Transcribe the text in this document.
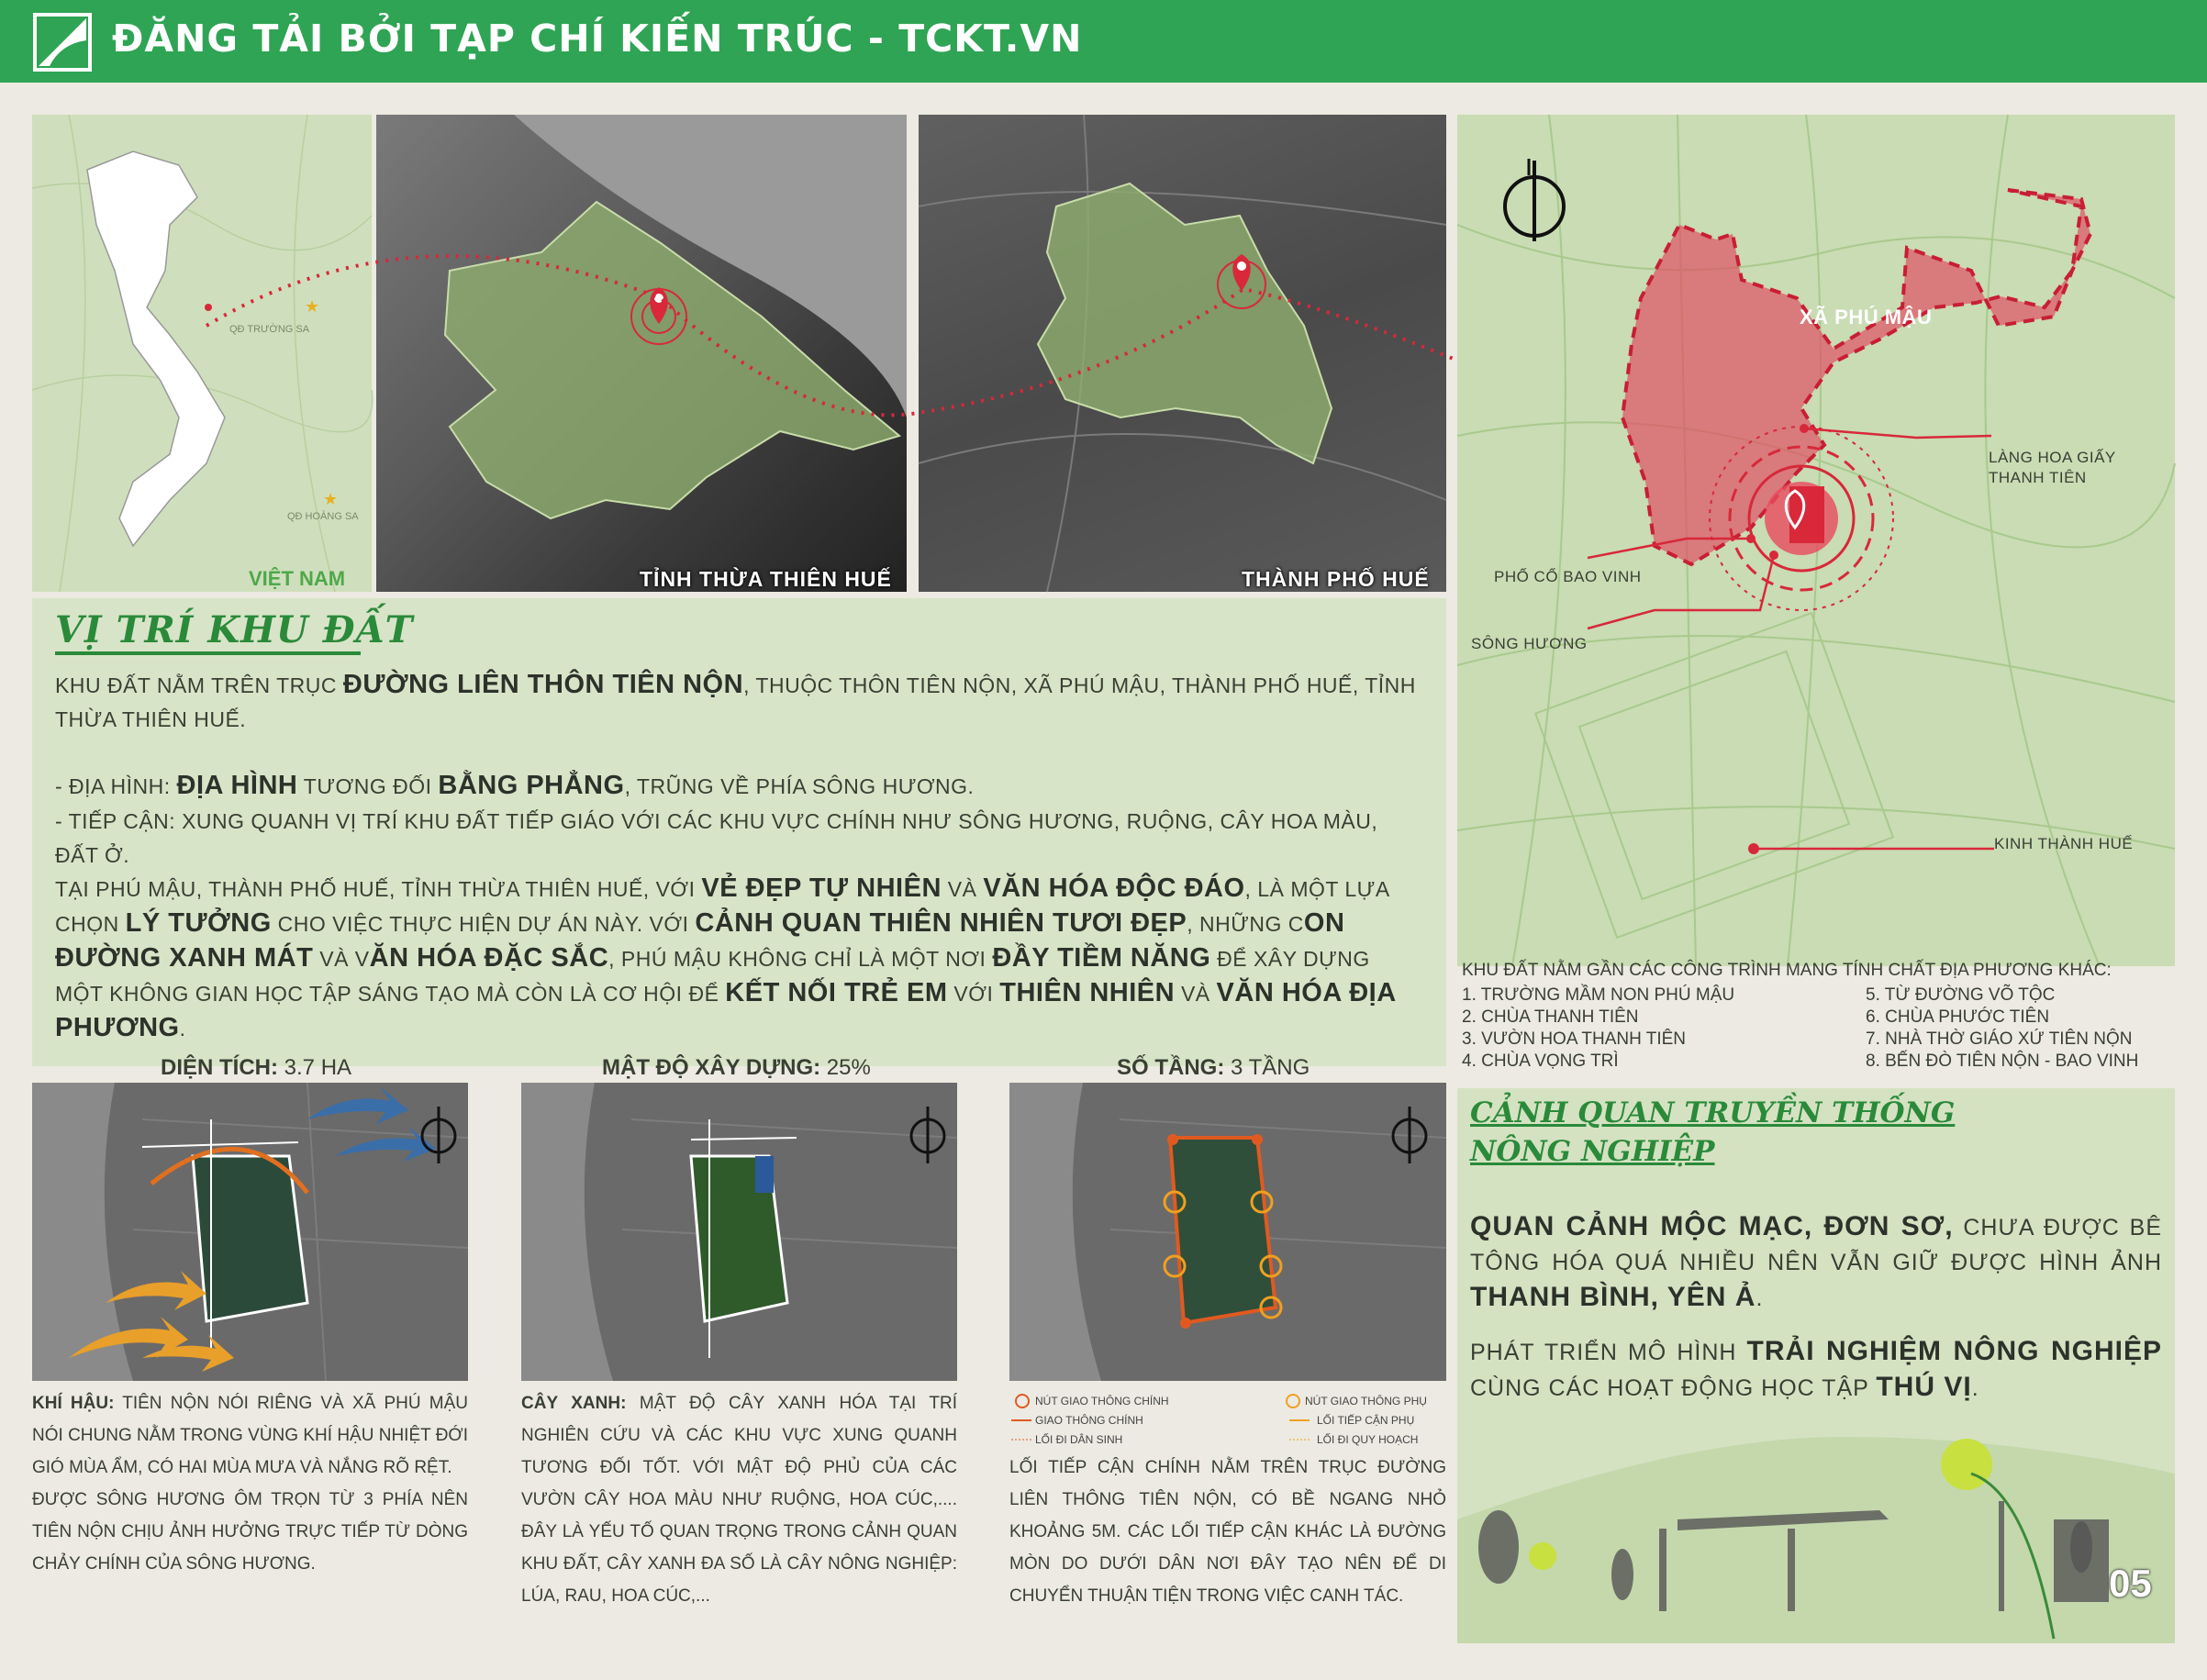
ĐĂNG TẢI BỞI TẠP CHÍ KIẾN TRÚC - TCKT.VN
★
★
QĐ TRƯỜNG SA
QĐ HOÀNG SA
VIỆT NAM	TỈNH THỪA THIÊN HUẾ	THÀNH PHỐ HUẾ
XÃ PHÚ MẬU
LÀNG HOA GIẤY THANH TIÊN
PHỐ CỔ BAO VINH
SÔNG HƯƠNG
KINH THÀNH HUẾ
KHU ĐẤT NẰM GẦN CÁC CÔNG TRÌNH MANG TÍNH CHẤT ĐỊA PHƯƠNG KHÁC:
1. TRƯỜNG MẦM NON PHÚ MẬU
2. CHÙA THANH TIÊN
3. VƯỜN HOA THANH TIÊN
4. CHÙA VỌNG TRÌ
5. TỪ ĐƯỜNG VÕ TỘC
6. CHÙA PHƯỚC TIÊN
7. NHÀ THỜ GIÁO XỨ TIÊN NỘN
8. BẾN ĐÒ TIÊN NỘN - BAO VINH
VỊ TRÍ KHU ĐẤT
KHU ĐẤT NẰM TRÊN TRỤC ĐƯỜNG LIÊN THÔN TIÊN NỘN, THUỘC THÔN TIÊN NỘN, XÃ PHÚ MẬU, THÀNH PHỐ HUẾ, TỈNH THỪA THIÊN HUẾ.
- ĐỊA HÌNH: ĐỊA HÌNH TƯƠNG ĐỐI BẰNG PHẲNG, TRŨNG VỀ PHÍA SÔNG HƯƠNG.
- TIẾP CẬN: XUNG QUANH VỊ TRÍ KHU ĐẤT TIẾP GIÁO VỚI CÁC KHU VỰC CHÍNH NHƯ SÔNG HƯƠNG, RUỘNG, CÂY HOA MÀU, ĐẤT Ở.
TẠI PHÚ MẬU, THÀNH PHỐ HUẾ, TỈNH THỪA THIÊN HUẾ, VỚI VẺ ĐẸP TỰ NHIÊN VÀ VĂN HÓA ĐỘC ĐÁO, LÀ MỘT LỰA CHỌN LÝ TƯỞNG CHO VIỆC THỰC HIỆN DỰ ÁN NÀY. VỚI CẢNH QUAN THIÊN NHIÊN TƯƠI ĐẸP, NHỮNG CON ĐƯỜNG XANH MÁT VÀ VĂN HÓA ĐẶC SẮC, PHÚ MẬU KHÔNG CHỈ LÀ MỘT NƠI ĐẦY TIỀM NĂNG ĐỂ XÂY DỰNG MỘT KHÔNG GIAN HỌC TẬP SÁNG TẠO MÀ CÒN LÀ CƠ HỘI ĐỂ KẾT NỐI TRẺ EM VỚI THIÊN NHIÊN VÀ VĂN HÓA ĐỊA PHƯƠNG.
DIỆN TÍCH: 3.7 HA	MẬT ĐỘ XÂY DỰNG: 25%	SỐ TẦNG: 3 TẦNG
NÚT GIAO THÔNG CHÍNH
GIAO THÔNG CHÍNH
LỐI ĐI DÂN SINH
NÚT GIAO THÔNG PHỤ
LỐI TIẾP CẬN PHỤ
LỐI ĐI QUY HOẠCH
KHÍ HẬU: TIÊN NỘN NÓI RIÊNG VÀ XÃ PHÚ MẬU NÓI CHUNG NẰM TRONG VÙNG KHÍ HẬU NHIỆT ĐỚI GIÓ MÙA ẨM, CÓ HAI MÙA MƯA VÀ NẮNG RÕ RỆT.
ĐƯỢC SÔNG HƯƠNG ÔM TRỌN TỪ 3 PHÍA NÊN TIÊN NỘN CHỊU ẢNH HƯỞNG TRỰC TIẾP TỪ DÒNG CHẢY CHÍNH CỦA SÔNG HƯƠNG.
CÂY XANH: MẬT ĐỘ CÂY XANH HÓA TẠI TRÍ NGHIÊN CỨU VÀ CÁC KHU VỰC XUNG QUANH TƯƠNG ĐỐI TỐT. VỚI MẬT ĐỘ PHỦ CỦA CÁC VƯỜN CÂY HOA MÀU NHƯ RUỘNG, HOA CÚC,.... ĐÂY LÀ YẾU TỐ QUAN TRỌNG TRONG CẢNH QUAN KHU ĐẤT, CÂY XANH ĐA SỐ LÀ CÂY NÔNG NGHIỆP: LÚA, RAU, HOA CÚC,...
LỐI TIẾP CẬN CHÍNH NẰM TRÊN TRỤC ĐƯỜNG LIÊN THÔNG TIÊN NỘN, CÓ BỀ NGANG NHỎ KHOẢNG 5M. CÁC LỐI TIẾP CẬN KHÁC LÀ ĐƯỜNG MÒN DO DƯỚI DÂN NƠI ĐÂY TẠO NÊN ĐỂ DI CHUYỂN THUẬN TIỆN TRONG VIỆC CANH TÁC.
CẢNH QUAN TRUYỀN THỐNG
NÔNG NGHIỆP
QUAN CẢNH MỘC MẠC, ĐƠN SƠ, CHƯA ĐƯỢC BÊ TÔNG HÓA QUÁ NHIỀU NÊN VẪN GIỮ ĐƯỢC HÌNH ẢNH THANH BÌNH, YÊN Ả.
PHÁT TRIỂN MÔ HÌNH TRẢI NGHIỆM NÔNG NGHIỆP CÙNG CÁC HOẠT ĐỘNG HỌC TẬP THÚ VỊ.
05
